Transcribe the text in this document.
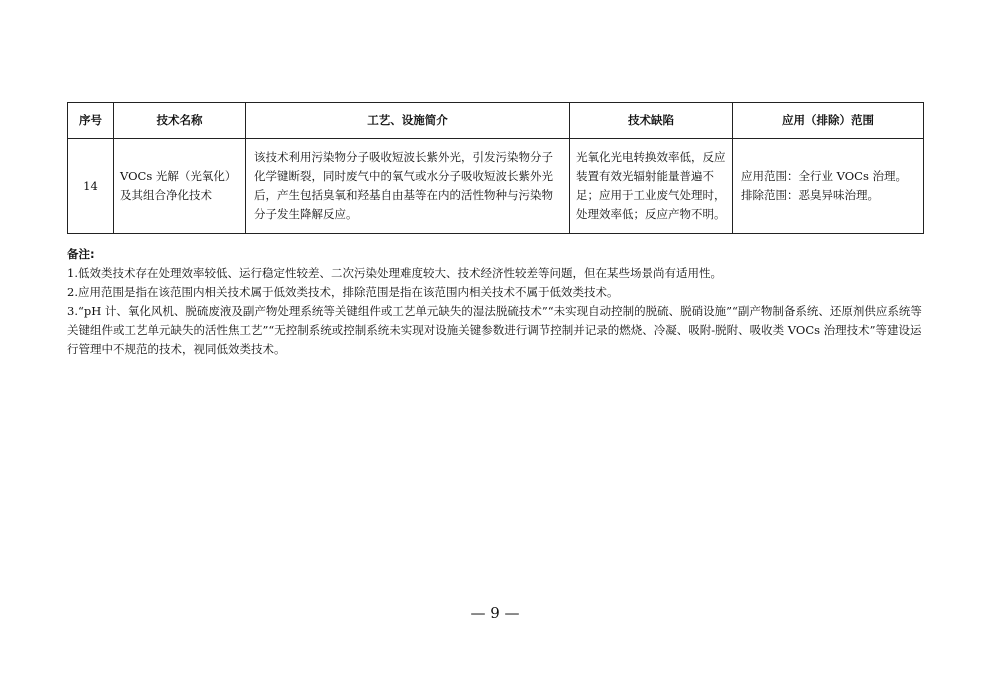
序号	技术名称	工艺、设施简介	技术缺陷	应用（排除）范围
14	VOCs 光解（光氧化）及其组合净化技术	该技术利用污染物分子吸收短波长紫外光，引发污染物分子化学键断裂，同时废气中的氧气或水分子吸收短波长紫外光后，产生包括臭氧和羟基自由基等在内的活性物种与污染物分子发生降解反应。	光氧化光电转换效率低，反应装置有效光辐射能量普遍不足；应用于工业废气处理时，处理效率低；反应产物不明。	应用范围：全行业 VOCs 治理。
排除范围：恶臭异味治理。

备注:

1.低效类技术存在处理效率较低、运行稳定性较差、二次污染处理难度较大、技术经济性较差等问题，但在某些场景尚有适用性。

2.应用范围是指在该范围内相关技术属于低效类技术，排除范围是指在该范围内相关技术不属于低效类技术。

3.“pH 计、氧化风机、脱硫废液及副产物处理系统等关键组件或工艺单元缺失的湿法脱硫技术”“未实现自动控制的脱硫、脱硝设施”“副产物制备系统、还原剂供应系统等关键组件或工艺单元缺失的活性焦工艺”“无控制系统或控制系统未实现对设施关键参数进行调节控制并记录的燃烧、冷凝、吸附-脱附、吸收类 VOCs 治理技术”等建设运行管理中不规范的技术，视同低效类技术。

— 9 —
